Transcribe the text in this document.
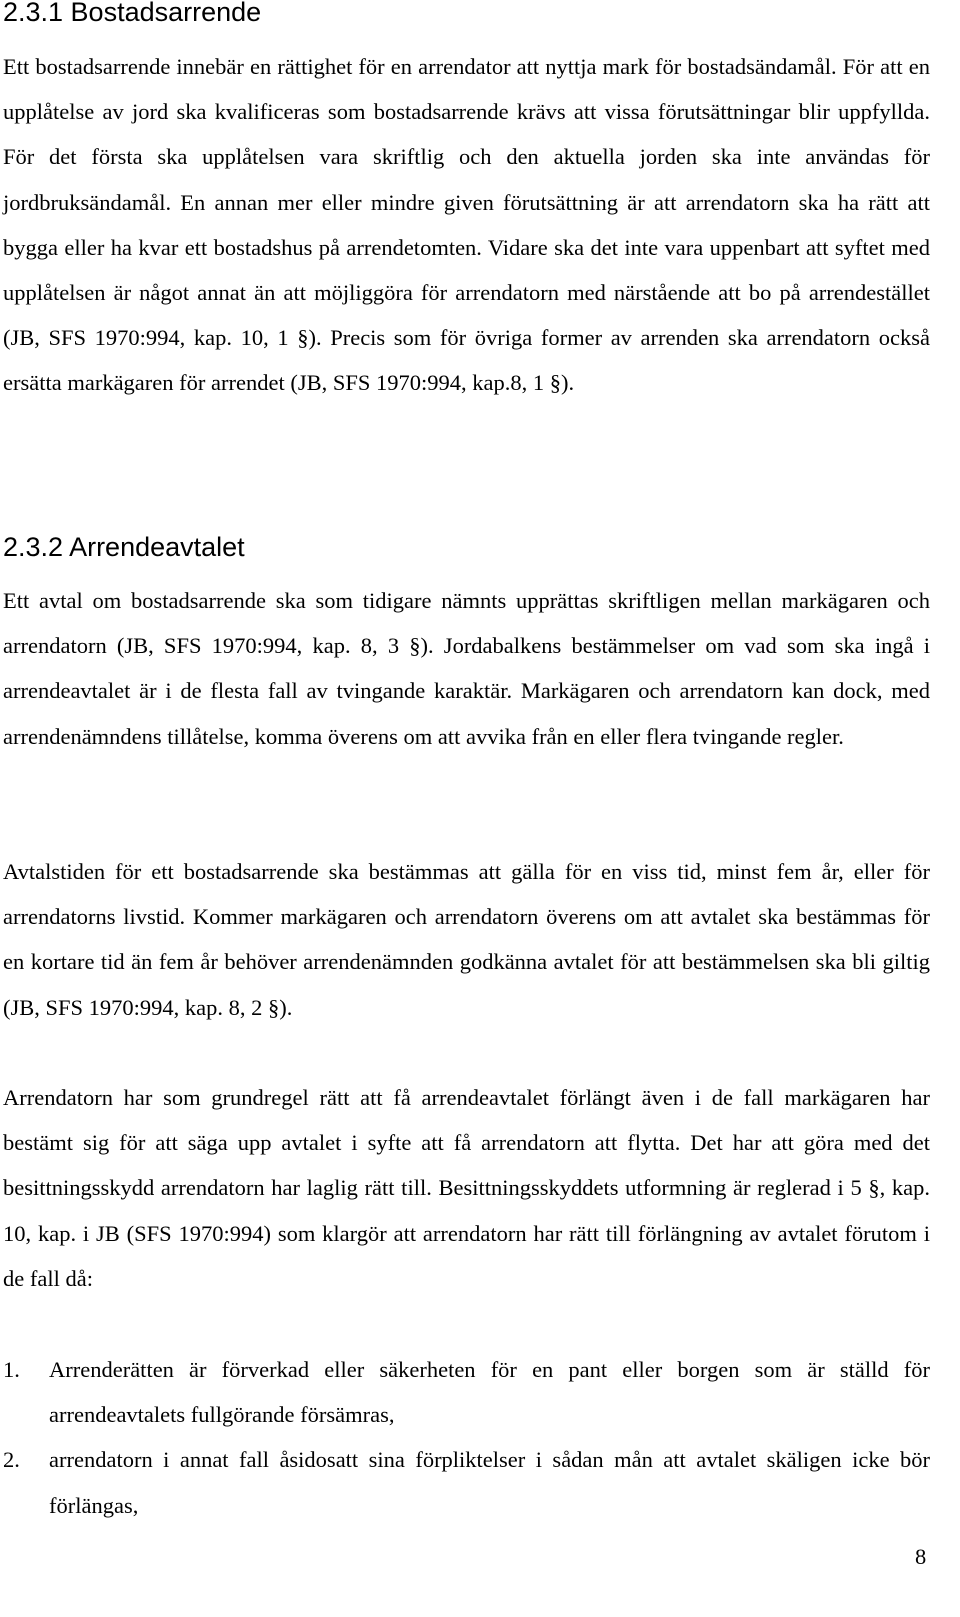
2.3.1 Bostadsarrende

Ett bostadsarrende innebär en rättighet för en arrendator att nyttja mark för bostadsändamål. För att en upplåtelse av jord ska kvalificeras som bostadsarrende krävs att vissa förutsättningar blir uppfyllda. För det första ska upplåtelsen vara skriftlig och den aktuella jorden ska inte användas för jordbruksändamål. En annan mer eller mindre given förutsättning är att arrendatorn ska ha rätt att bygga eller ha kvar ett bostadshus på arrendetomten. Vidare ska det inte vara uppenbart att syftet med upplåtelsen är något annat än att möjliggöra för arrendatorn med närstående att bo på arrendestället (JB, SFS 1970:994, kap. 10, 1 §). Precis som för övriga former av arrenden ska arrendatorn också ersätta markägaren för arrendet (JB, SFS 1970:994, kap.8, 1 §).

2.3.2 Arrendeavtalet

Ett avtal om bostadsarrende ska som tidigare nämnts upprättas skriftligen mellan markägaren och arrendatorn (JB, SFS 1970:994, kap. 8, 3 §). Jordabalkens bestämmelser om vad som ska ingå i arrendeavtalet är i de flesta fall av tvingande karaktär. Markägaren och arrendatorn kan dock, med arrendenämndens tillåtelse, komma överens om att avvika från en eller flera tvingande regler.

Avtalstiden för ett bostadsarrende ska bestämmas att gälla för en viss tid, minst fem år, eller för arrendatorns livstid. Kommer markägaren och arrendatorn överens om att avtalet ska bestämmas för en kortare tid än fem år behöver arrendenämnden godkänna avtalet för att bestämmelsen ska bli giltig (JB, SFS 1970:994, kap. 8, 2 §).

Arrendatorn har som grundregel rätt att få arrendeavtalet förlängt även i de fall markägaren har bestämt sig för att säga upp avtalet i syfte att få arrendatorn att flytta. Det har att göra med det besittningsskydd arrendatorn har laglig rätt till. Besittningsskyddets utformning är reglerad i 5 §, kap. 10, kap. i JB (SFS 1970:994) som klargör att arrendatorn har rätt till förlängning av avtalet förutom i de fall då:

1. Arrenderätten är förverkad eller säkerheten för en pant eller borgen som är ställd för arrendeavtalets fullgörande försämras,
2. arrendatorn i annat fall åsidosatt sina förpliktelser i sådan mån att avtalet skäligen icke bör förlängas,
8
